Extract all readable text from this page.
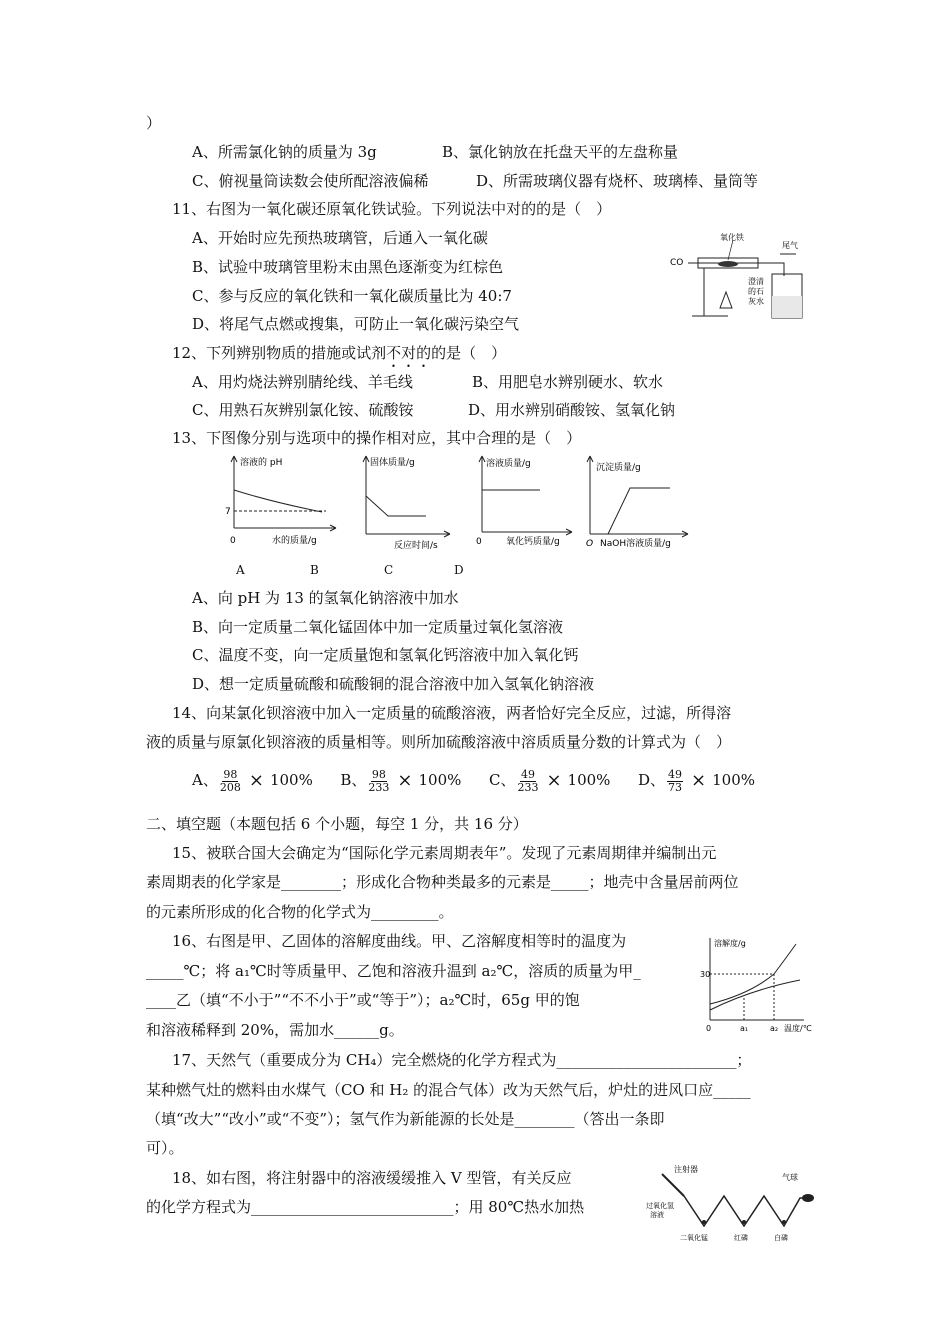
）
A、所需氯化钠的质量为 3g	B、氯化钠放在托盘天平的左盘称量
C、俯视量筒读数会使所配溶液偏稀	D、所需玻璃仪器有烧杯、玻璃棒、量筒等
11、右图为一氧化碳还原氧化铁试验。下列说法中对的的是（　）
A、开始时应先预热玻璃管，后通入一氧化碳
B、试验中玻璃管里粉末由黑色逐渐变为红棕色
C、参与反应的氧化铁和一氧化碳质量比为 40:7
D、将尾气点燃或搜集，可防止一氧化碳污染空气
CO
氧化铁
尾气
澄清
的石
灰水
12、下列辨别物质的措施或试剂不对的的是（　）
A、用灼烧法辨别腈纶线、羊毛线	B、用肥皂水辨别硬水、软水
C、用熟石灰辨别氯化铵、硫酸铵	D、用水辨别硝酸铵、氢氧化钠
13、下图像分别与选项中的操作相对应，其中合理的是（　）
溶液的 pH
7
0	水的质量/g
固体质量/g
反应时间/s
溶液质量/g
0	氧化钙质量/g
沉淀质量/g
O NaOH溶液质量/g
A	B	C	D
A、向 pH 为 13 的氢氧化钠溶液中加水
B、向一定质量二氧化锰固体中加一定质量过氧化氢溶液
C、温度不变，向一定质量饱和氢氧化钙溶液中加入氧化钙
D、想一定质量硫酸和硫酸铜的混合溶液中加入氢氧化钠溶液
14、向某氯化钡溶液中加入一定质量的硫酸溶液，两者恰好完全反应，过滤，所得溶
液的质量与原氯化钡溶液的质量相等。则所加硫酸溶液中溶质质量分数的计算式为（　）
A、 $\frac{98}{208} \times 100\%$ B、 $\frac{98}{233} \times 100\%$ C、 $\frac{49}{233} \times 100\%$ D、 $\frac{49}{73} \times 100\%$
二、填空题（本题包括 6 个小题，每空 1 分，共 16 分）
15、被联合国大会确定为“国际化学元素周期表年”。发现了元素周期律并编制出元
素周期表的化学家是________；形成化合物种类最多的元素是_____；地壳中含量居前两位
的元素所形成的化合物的化学式为_________。
16、右图是甲、乙固体的溶解度曲线。甲、乙溶解度相等时的温度为
_____℃；将 a₁℃时等质量甲、乙饱和溶液升温到 a₂℃，溶质的质量为甲_
____乙（填“不小于”“不不小于”或“等于”）；a₂℃时，65g 甲的饱
和溶液稀释到 20%，需加水______g。
溶解度/g
30
0	a₁	a₂ 温度/℃
17、天然气（重要成分为 CH₄）完全燃烧的化学方程式为________________________；
某种燃气灶的燃料由水煤气（CO 和 H₂ 的混合气体）改为天然气后，炉灶的进风口应_____
（填“改大”“改小”或“不变”）；氢气作为新能源的长处是________（答出一条即
可）。
18、如右图，将注射器中的溶液缓缓推入 V 型管，有关反应
的化学方程式为___________________________；用 80℃热水加热
注射器
气球
过氧化氢
溶液
二氧化锰	红磷	白磷
